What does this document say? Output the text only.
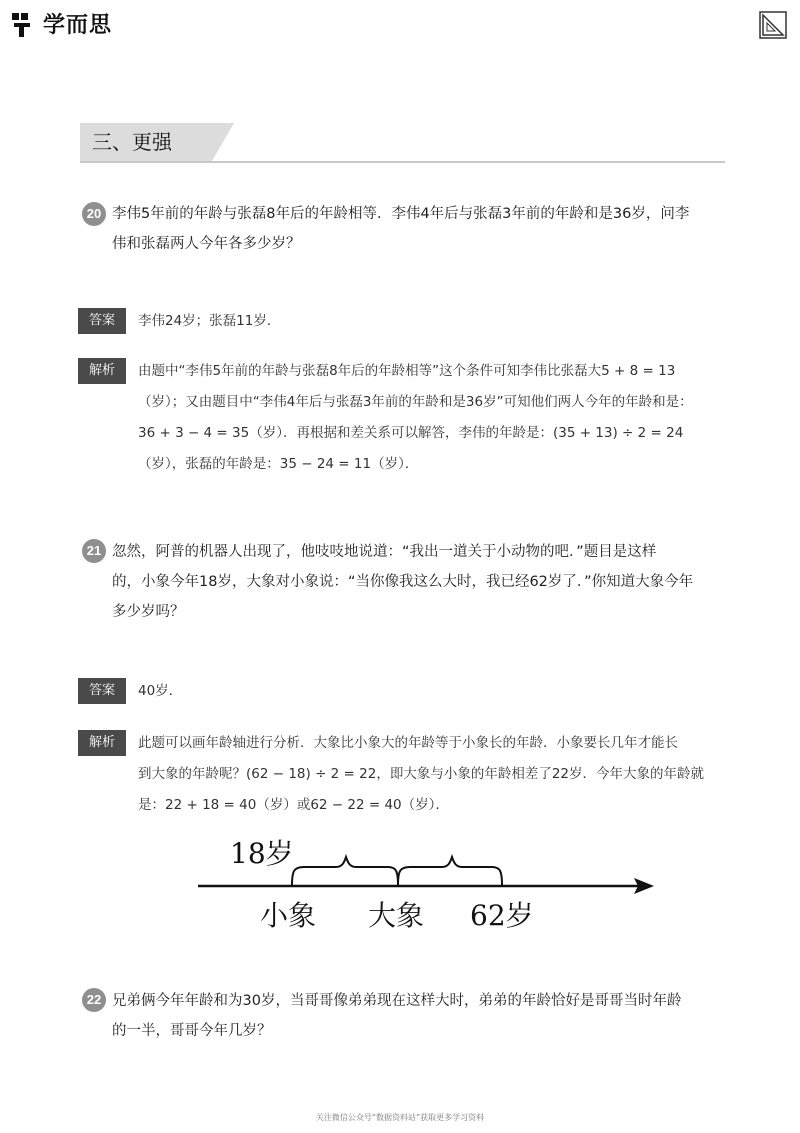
学而思
三、更强
20 李伟5年前的年龄与张磊8年后的年龄相等．李伟4年后与张磊3年前的年龄和是36岁，问李

伟和张磊两人今年各多少岁？

答案	李伟24岁；张磊11岁．
解析	由题中“李伟5年前的年龄与张磊8年后的年龄相等”这个条件可知李伟比张磊大5 + 8 = 13

（岁）；又由题目中“李伟4年后与张磊3年前的年龄和是36岁”可知他们两人今年的年龄和是：

36 + 3 − 4 = 35（岁）．再根据和差关系可以解答，李伟的年龄是：(35 + 13) ÷ 2 = 24

（岁），张磊的年龄是：35 − 24 = 11（岁）．

21 忽然，阿普的机器人出现了，他吱吱地说道：“我出一道关于小动物的吧．”题目是这样

的，小象今年18岁，大象对小象说：“当你像我这么大时，我已经62岁了．”你知道大象今年

多少岁吗？

答案	40岁．
解析	此题可以画年龄轴进行分析．大象比小象大的年龄等于小象长的年龄．小象要长几年才能长

到大象的年龄呢？(62 − 18) ÷ 2 = 22，即大象与小象的年龄相差了22岁．今年大象的年龄就

是：22 + 18 = 40（岁）或62 − 22 = 40（岁）．

18岁
小象 大象 62岁
22 兄弟俩今年年龄和为30岁，当哥哥像弟弟现在这样大时，弟弟的年龄恰好是哥哥当时年龄

的一半，哥哥今年几岁？

关注微信公众号“数据资料站”获取更多学习资料
